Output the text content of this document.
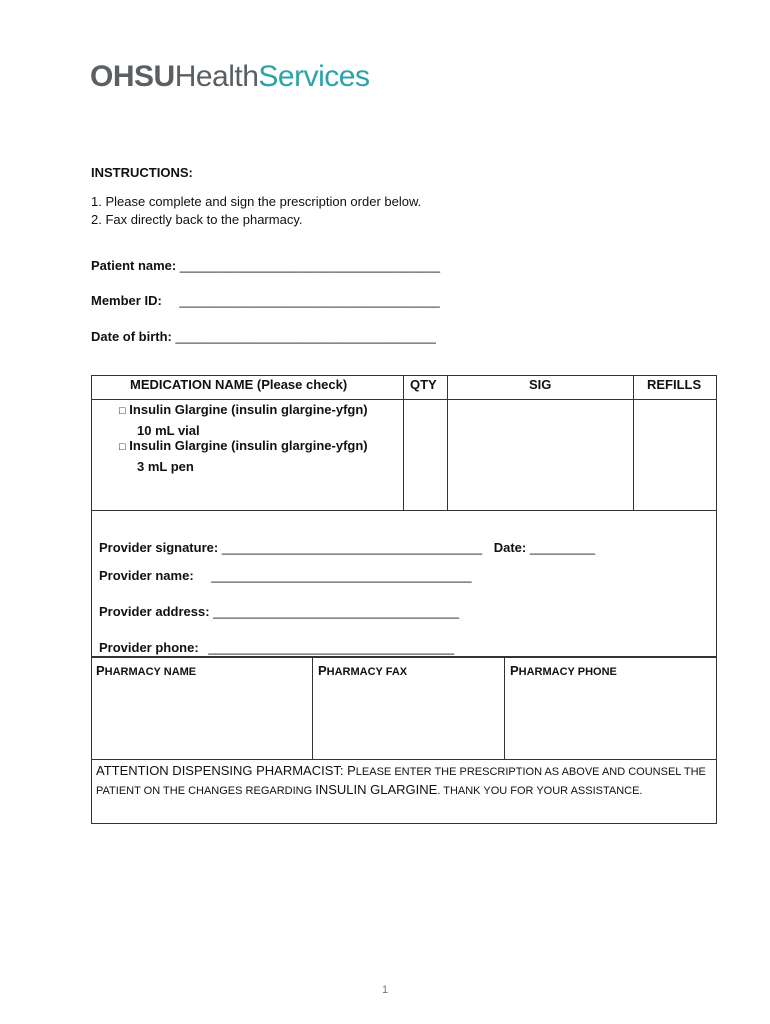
OHSUHealthServices
INSTRUCTIONS:
1. Please complete and sign the prescription order below.
2. Fax directly back to the pharmacy.
Patient name: ____________________________________
Member ID: ____________________________________
Date of birth: ____________________________________
MEDICATION NAME (Please check)	QTY	SIG	REFILLS
□ Insulin Glargine (insulin glargine-yfgn)
10 mL vial
□ Insulin Glargine (insulin glargine-yfgn)
3 mL pen
Provider signature: ____________________________________ Date: _________
Provider name: ____________________________________
Provider address: __________________________________
Provider phone: __________________________________
PHARMACY NAME	PHARMACY FAX	PHARMACY PHONE
ATTENTION DISPENSING PHARMACIST: PLEASE ENTER THE PRESCRIPTION AS ABOVE AND COUNSEL THE PATIENT ON THE CHANGES REGARDING INSULIN GLARGINE. THANK YOU FOR YOUR ASSISTANCE.
1
